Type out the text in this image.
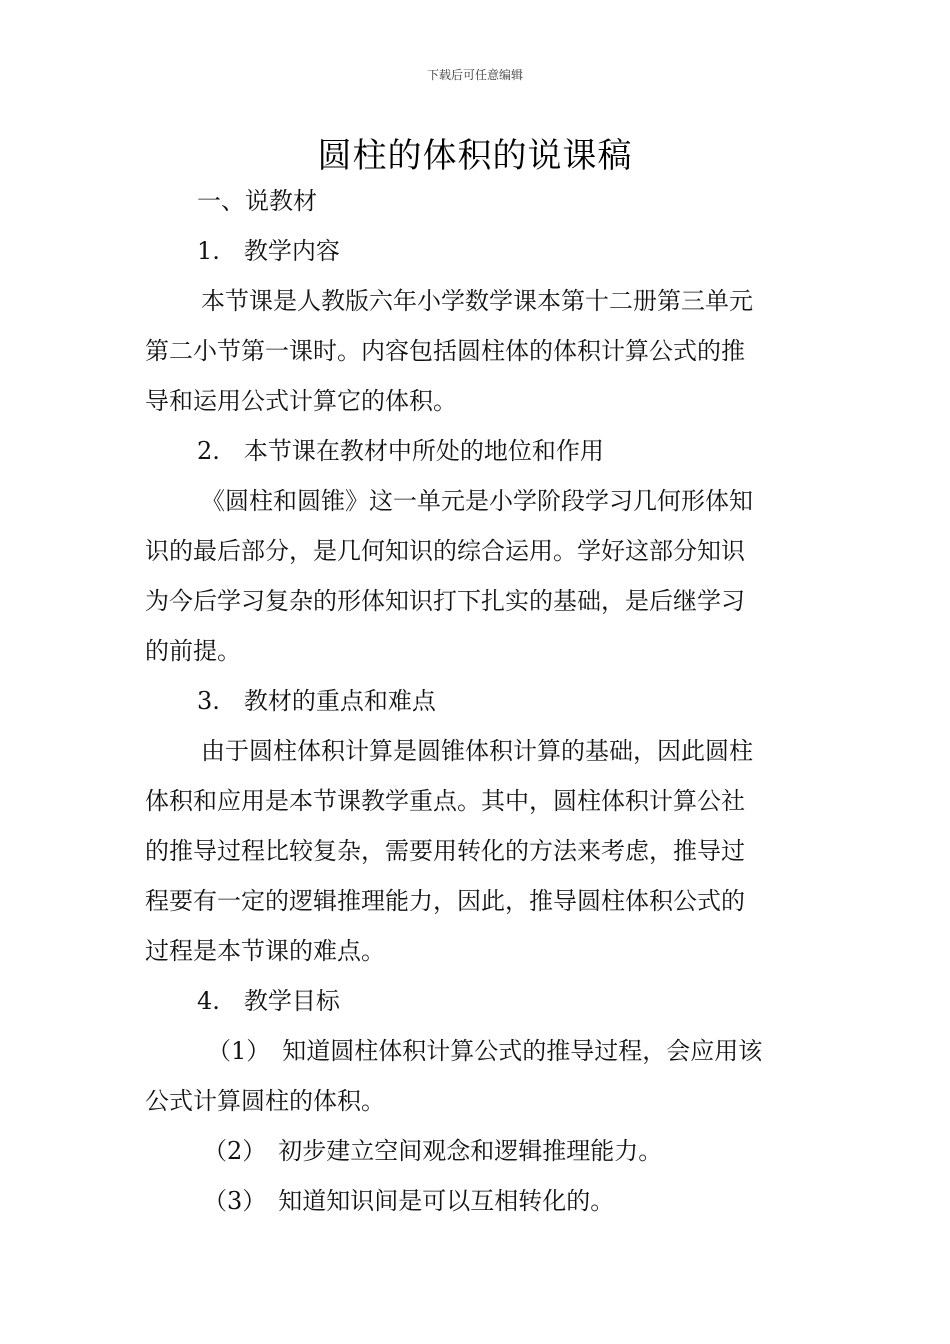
下载后可任意编辑
圆柱的体积的说课稿
一、说教材
1.　教学内容
本节课是人教版六年小学数学课本第十二册第三单元
第二小节第一课时。内容包括圆柱体的体积计算公式的推
导和运用公式计算它的体积。
2.　本节课在教材中所处的地位和作用
《圆柱和圆锥》这一单元是小学阶段学习几何形体知
识的最后部分，是几何知识的综合运用。学好这部分知识
为今后学习复杂的形体知识打下扎实的基础，是后继学习
的前提。
3.　教材的重点和难点
由于圆柱体积计算是圆锥体积计算的基础，因此圆柱
体积和应用是本节课教学重点。其中，圆柱体积计算公社
的推导过程比较复杂，需要用转化的方法来考虑，推导过
程要有一定的逻辑推理能力，因此，推导圆柱体积公式的
过程是本节课的难点。
4.　教学目标
（1）　知道圆柱体积计算公式的推导过程，会应用该
公式计算圆柱的体积。
（2）　初步建立空间观念和逻辑推理能力。
（3）　知道知识间是可以互相转化的。
